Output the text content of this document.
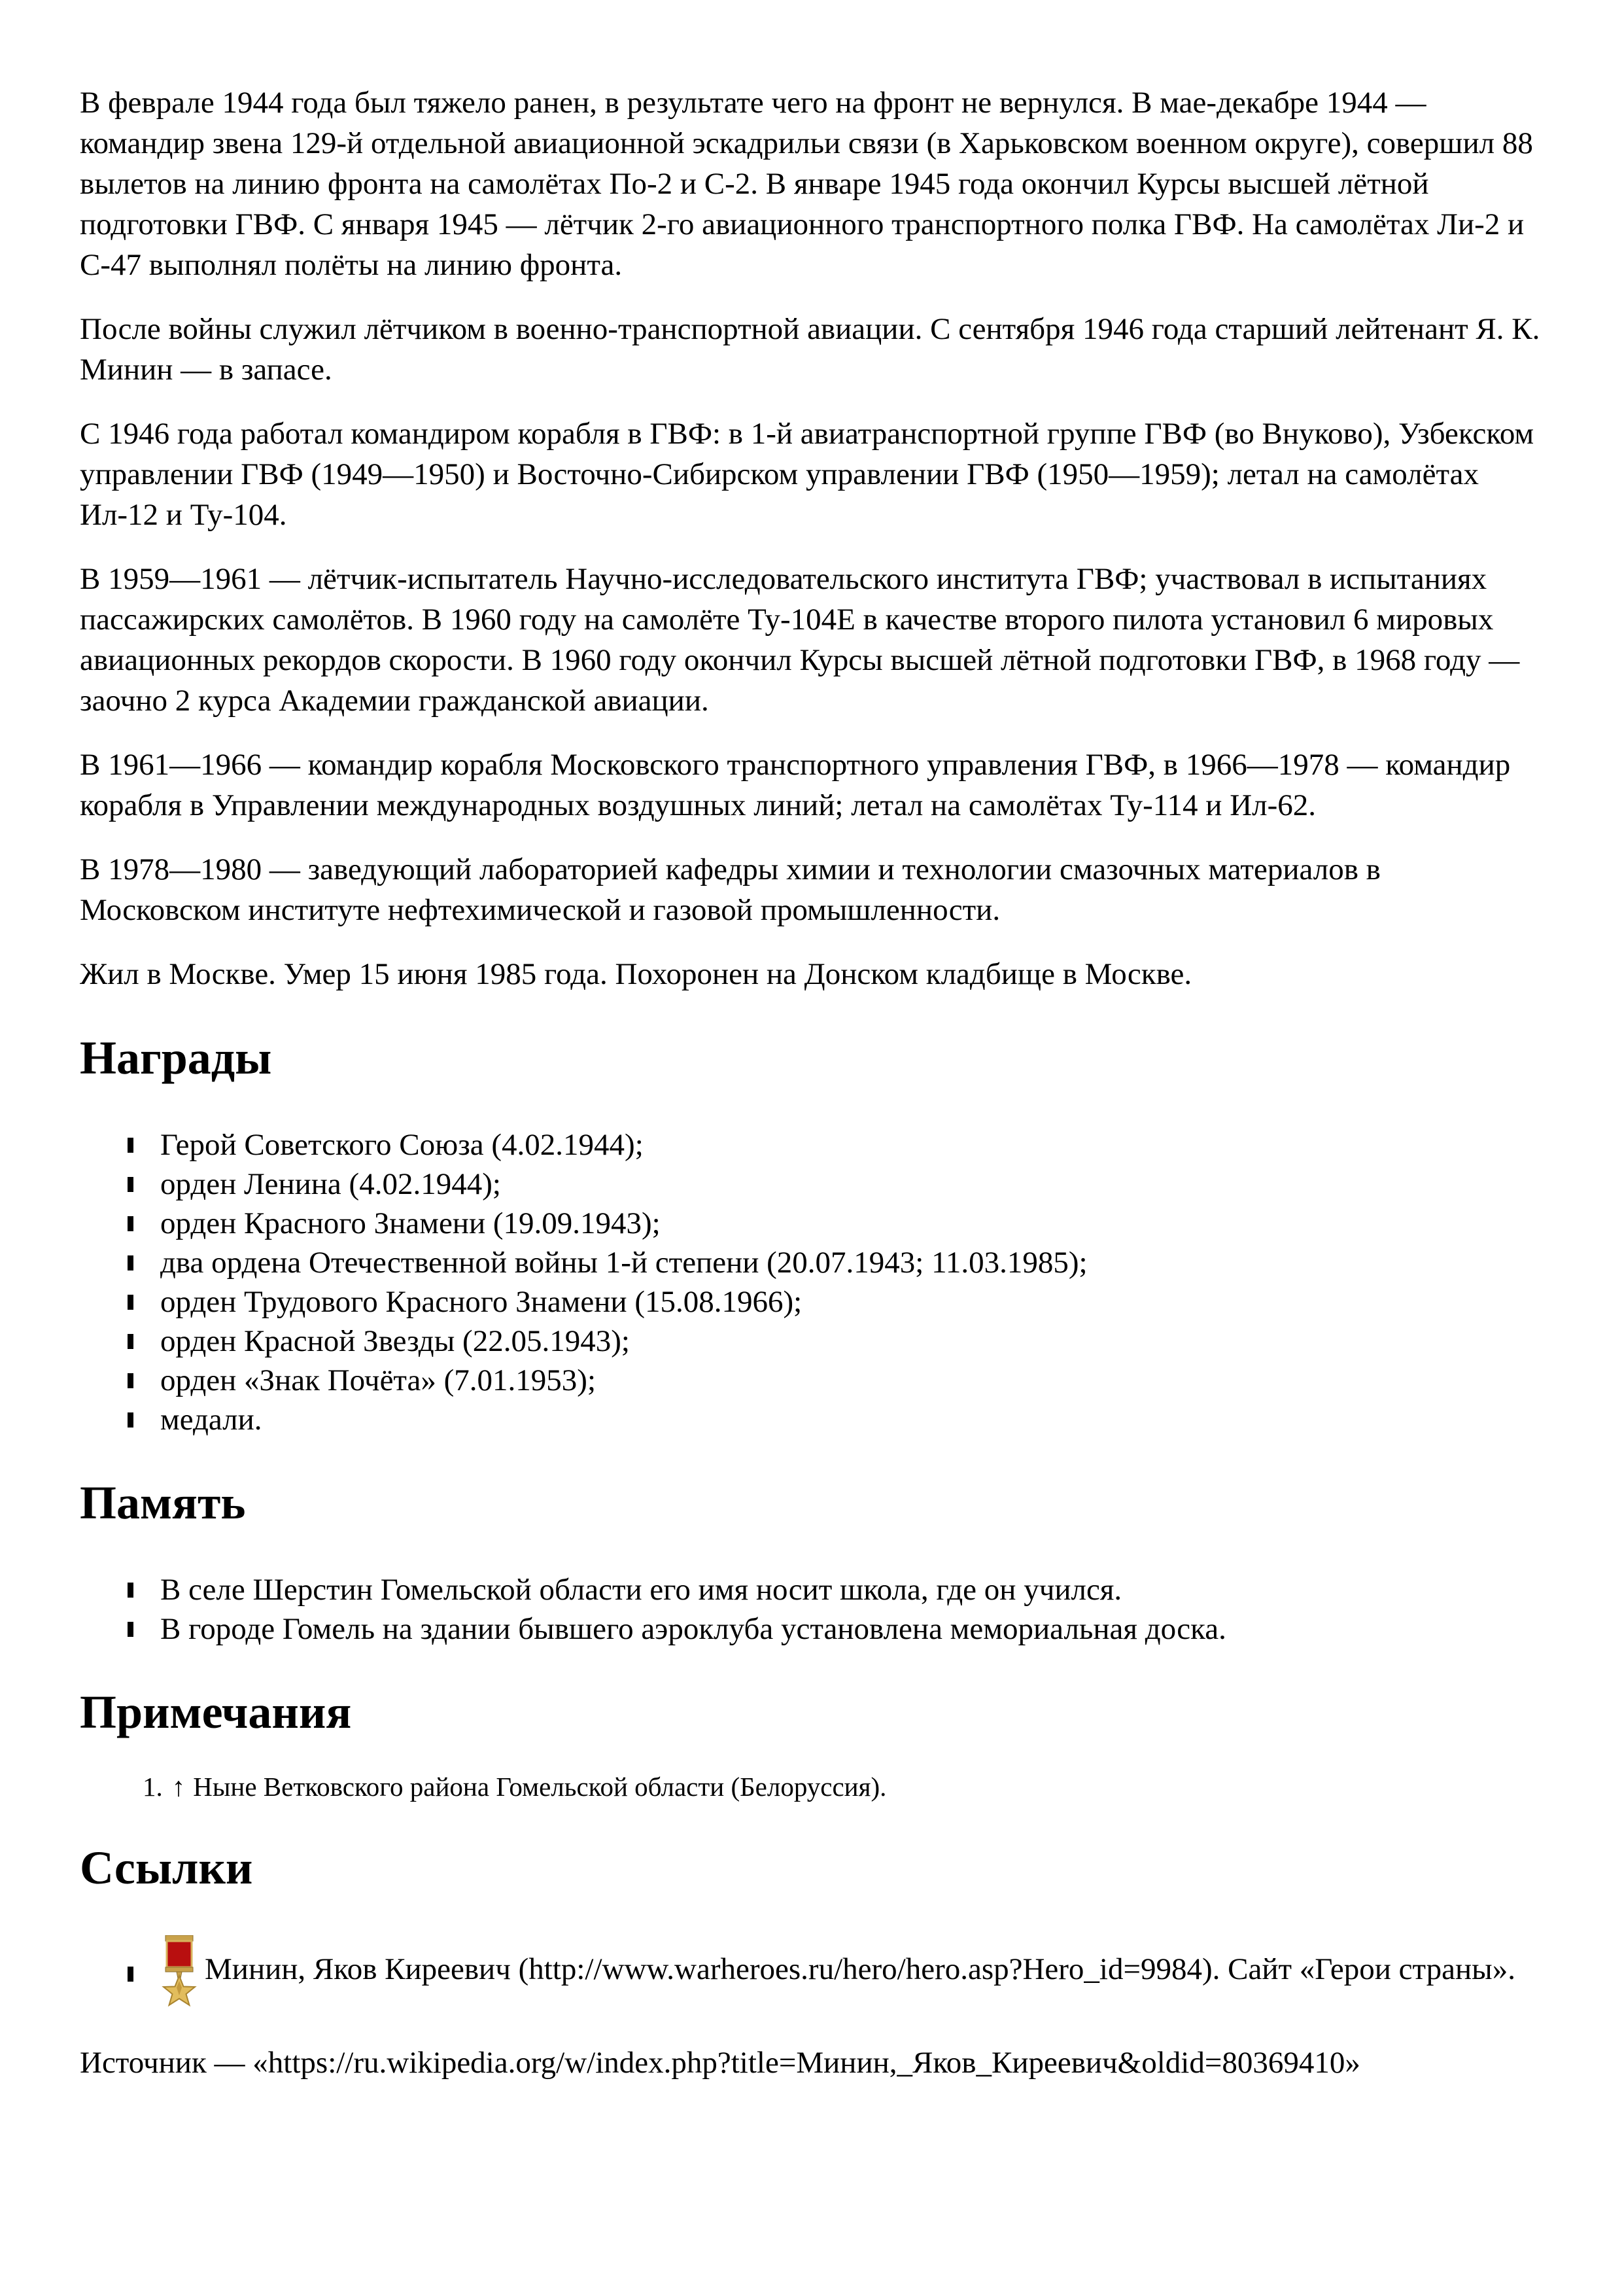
В феврале 1944 года был тяжело ранен, в результате чего на фронт не вернулся. В мае-декабре 1944 — командир звена 129-й отдельной авиационной эскадрильи связи (в Харьковском военном округе), совершил 88 вылетов на линию фронта на самолётах По-2 и С-2. В январе 1945 года окончил Курсы высшей лётной подготовки ГВФ. С января 1945 — лётчик 2-го авиационного транспортного полка ГВФ. На самолётах Ли-2 и С-47 выполнял полёты на линию фронта.

После войны служил лётчиком в военно-транспортной авиации. С сентября 1946 года старший лейтенант Я. К. Минин — в запасе.

С 1946 года работал командиром корабля в ГВФ: в 1-й авиатранспортной группе ГВФ (во Внуково), Узбекском управлении ГВФ (1949—1950) и Восточно-Сибирском управлении ГВФ (1950—1959); летал на самолётах Ил-12 и Ту-104.

В 1959—1961 — лётчик-испытатель Научно-исследовательского института ГВФ; участвовал в испытаниях пассажирских самолётов. В 1960 году на самолёте Ту-104Е в качестве второго пилота установил 6 мировых авиационных рекордов скорости. В 1960 году окончил Курсы высшей лётной подготовки ГВФ, в 1968 году — заочно 2 курса Академии гражданской авиации.

В 1961—1966 — командир корабля Московского транспортного управления ГВФ, в 1966—1978 — командир корабля в Управлении международных воздушных линий; летал на самолётах Ту-114 и Ил-62.

В 1978—1980 — заведующий лабораторией кафедры химии и технологии смазочных материалов в Московском институте нефтехимической и газовой промышленности.

Жил в Москве. Умер 15 июня 1985 года. Похоронен на Донском кладбище в Москве.

Награды
Герой Советского Союза (4.02.1944);
орден Ленина (4.02.1944);
орден Красного Знамени (19.09.1943);
два ордена Отечественной войны 1-й степени (20.07.1943; 11.03.1985);
орден Трудового Красного Знамени (15.08.1966);
орден Красной Звезды (22.05.1943);
орден «Знак Почёта» (7.01.1953);
медали.
Память
В селе Шерстин Гомельской области его имя носит школа, где он учился.
В городе Гомель на здании бывшего аэроклуба установлена мемориальная доска.
Примечания
1. ↑ Ныне Ветковского района Гомельской области (Белоруссия).
Ссылки
Минин, Яков Киреевич (http://www.warheroes.ru/hero/hero.asp?Hero_id=9984). Сайт «Герои страны».

Источник — «https://ru.wikipedia.org/w/index.php?title=Минин,_Яков_Киреевич&oldid=80369410»
